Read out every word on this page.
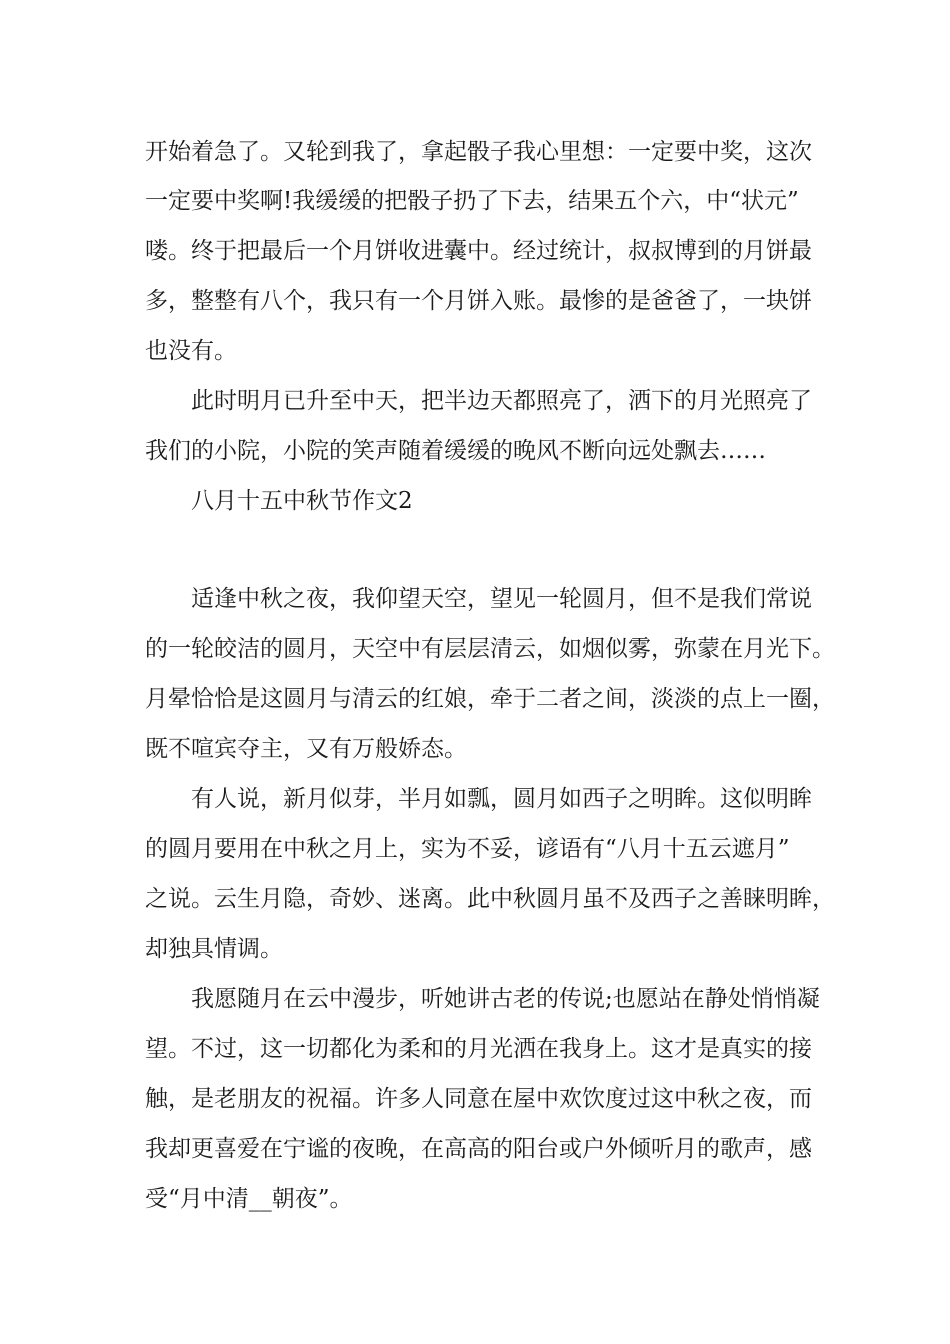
开始着急了。又轮到我了，拿起骰子我心里想：一定要中奖，这次
一定要中奖啊!我缓缓的把骰子扔了下去，结果五个六，中“状元”
喽。终于把最后一个月饼收进囊中。经过统计，叔叔博到的月饼最
多，整整有八个，我只有一个月饼入账。最惨的是爸爸了，一块饼
也没有。
此时明月已升至中天，把半边天都照亮了，洒下的月光照亮了
我们的小院，小院的笑声随着缓缓的晚风不断向远处飘去……
八月十五中秋节作文2
适逢中秋之夜，我仰望天空，望见一轮圆月，但不是我们常说
的一轮皎洁的圆月，天空中有层层清云，如烟似雾，弥蒙在月光下。
月晕恰恰是这圆月与清云的红娘，牵于二者之间，淡淡的点上一圈，
既不喧宾夺主，又有万般娇态。
有人说，新月似芽，半月如瓢，圆月如西子之明眸。这似明眸
的圆月要用在中秋之月上，实为不妥，谚语有“八月十五云遮月”
之说。云生月隐，奇妙、迷离。此中秋圆月虽不及西子之善睐明眸，
却独具情调。
我愿随月在云中漫步，听她讲古老的传说;也愿站在静处悄悄凝
望。不过，这一切都化为柔和的月光洒在我身上。这才是真实的接
触，是老朋友的祝福。许多人同意在屋中欢饮度过这中秋之夜，而
我却更喜爱在宁谧的夜晚，在高高的阳台或户外倾听月的歌声，感
受“月中清__朝夜”。
